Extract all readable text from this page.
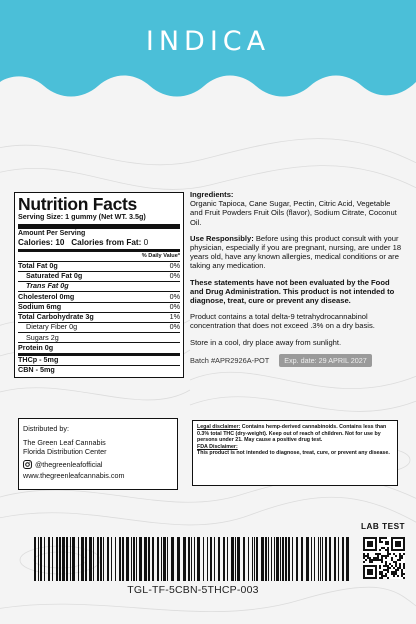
INDICA
Nutrition Facts
Serving Size: 1 gummy (Net WT. 3.5g)
Amount Per Serving
Calories: 10 Calories from Fat: 0
% Daily Value*
Total Fat 0g	0%
Saturated Fat 0g	0%
Trans Fat 0g
Cholesterol 0mg	0%
Sodium 6mg	0%
Total Carbohydrate 3g	1%
Dietary Fiber 0g	0%
Sugars 2g
Protein 0g
THCp - 5mg
CBN - 5mg

Ingredients:
Organic Tapioca, Cane Sugar, Pectin, Citric Acid, Vegetable and Fruit Powders Fruit Oils (flavor), Sodium Citrate, Coconut Oil.

Use Responsibly: Before using this product consult with your physician, especially if you are pregnant, nursing, are under 18 years old, have any known allergies, medical conditions or are taking any medication.

These statements have not been evaluated by the Food and Drug Administration. This product is not intended to diagnose, treat, cure or prevent any disease.

Product contains a total delta-9 tetrahydrocannabinol concentration that does not exceed .3% on a dry basis.

Store in a cool, dry place away from sunlight.

Batch #APR2926A-POT	Exp. date: 29 APRIL 2027
Distributed by:
The Green Leaf Cannabis
Florida Distribution Center
@thegreenleafofficial
www.thegreenleafcannabis.com
Legal disclaimer: Contains hemp-derived cannabinoids. Contains less than 0.3% total THC (dry-weight). Keep out of reach of children. Not for use by persons under 21. May cause a positive drug test.
FDA Disclaimer:
This product is not intended to diagnose, treat, cure, or prevent any disease.
LAB TEST
TGL-TF-5CBN-5THCP-003
